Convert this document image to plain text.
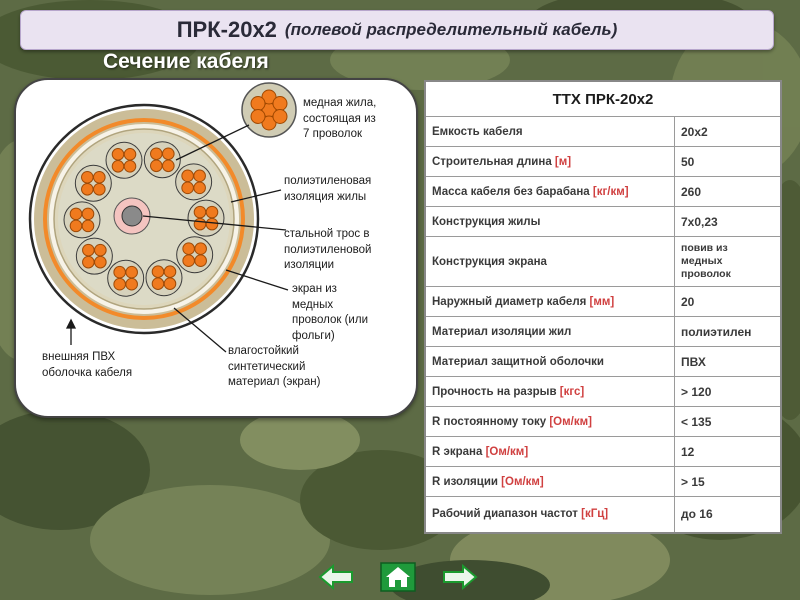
ПРК-20х2 (полевой распределительный кабель)
Сечение кабеля
медная жила,
состоящая из
7 проволок
полиэтиленовая
изоляция жилы
стальной трос в
полиэтиленовой
изоляции
экран из
медных
проволок (или
фольги)
влагостойкий
синтетический
материал (экран)
внешняя ПВХ
оболочка кабеля
ТТХ ПРК-20х2	
Емкость кабеля	20х2
Строительная длина [м]	50
Масса кабеля без барабана [кг/км]	260
Конструкция жилы	7х0,23
Конструкция экрана	повив из
медных
проволок
Наружный диаметр кабеля [мм]	20
Материал изоляции жил	полиэтилен
Материал защитной оболочки	ПВХ
Прочность на разрыв [кгс]	> 120
R постоянному току [Ом/км]	< 135
R экрана [Ом/км]	12
R изоляции [Ом/км]	> 15
Рабочий диапазон частот [кГц]	до 16
